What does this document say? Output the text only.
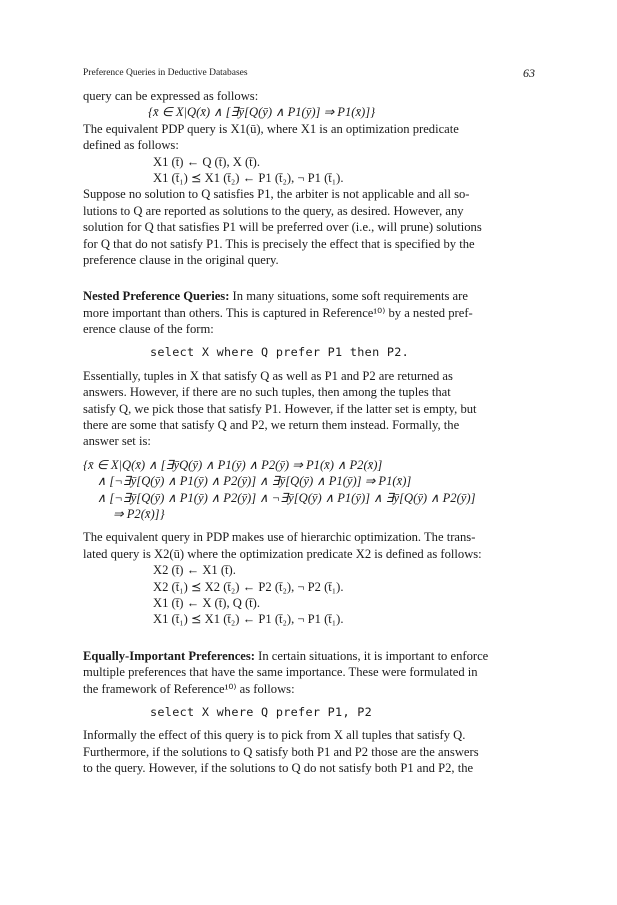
Preference Queries in Deductive Databases	63
query can be expressed as follows:
{x̄ ∈ X|Q(x̄) ∧ [∃ȳ[Q(ȳ) ∧ P1(ȳ)] ⇒ P1(x̄)]}
The equivalent PDP query is X1(ū), where X1 is an optimization predicate
defined as follows:
X1 (t̄) ← Q (t̄), X (t̄).
X1 (t̄₁) ⪯ X1 (t̄₂) ← P1 (t̄₂), ¬ P1 (t̄₁).
Suppose no solution to Q satisfies P1, the arbiter is not applicable and all so-
lutions to Q are reported as solutions to the query, as desired. However, any
solution for Q that satisfies P1 will be preferred over (i.e., will prune) solutions
for Q that do not satisfy P1. This is precisely the effect that is specified by the
preference clause in the original query.
Nested Preference Queries: In many situations, some soft requirements are
more important than others. This is captured in Reference¹⁰⁾ by a nested pref-
erence clause of the form:
select X where Q prefer P1 then P2.
Essentially, tuples in X that satisfy Q as well as P1 and P2 are returned as
answers. However, if there are no such tuples, then among the tuples that
satisfy Q, we pick those that satisfy P1. However, if the latter set is empty, but
there are some that satisfy Q and P2, we return them instead. Formally, the
answer set is:
{x̄ ∈ X|Q(x̄) ∧ [∃ȳQ(ȳ) ∧ P1(ȳ) ∧ P2(ȳ) ⇒ P1(x̄) ∧ P2(x̄)]
∧ [¬∃ȳ[Q(ȳ) ∧ P1(ȳ) ∧ P2(ȳ)] ∧ ∃ȳ[Q(ȳ) ∧ P1(ȳ)] ⇒ P1(x̄)]
∧ [¬∃ȳ[Q(ȳ) ∧ P1(ȳ) ∧ P2(ȳ)] ∧ ¬∃ȳ[Q(ȳ) ∧ P1(ȳ)] ∧ ∃ȳ[Q(ȳ) ∧ P2(ȳ)]
⇒ P2(x̄)]}
The equivalent query in PDP makes use of hierarchic optimization. The trans-
lated query is X2(ū) where the optimization predicate X2 is defined as follows:
X2 (t̄) ← X1 (t̄).
X2 (t̄₁) ⪯ X2 (t̄₂) ← P2 (t̄₂), ¬ P2 (t̄₁).
X1 (t̄) ← X (t̄), Q (t̄).
X1 (t̄₁) ⪯ X1 (t̄₂) ← P1 (t̄₂), ¬ P1 (t̄₁).
Equally-Important Preferences: In certain situations, it is important to enforce
multiple preferences that have the same importance. These were formulated in
the framework of Reference¹⁰⁾ as follows:
select X where Q prefer P1, P2
Informally the effect of this query is to pick from X all tuples that satisfy Q.
Furthermore, if the solutions to Q satisfy both P1 and P2 those are the answers
to the query. However, if the solutions to Q do not satisfy both P1 and P2, the
